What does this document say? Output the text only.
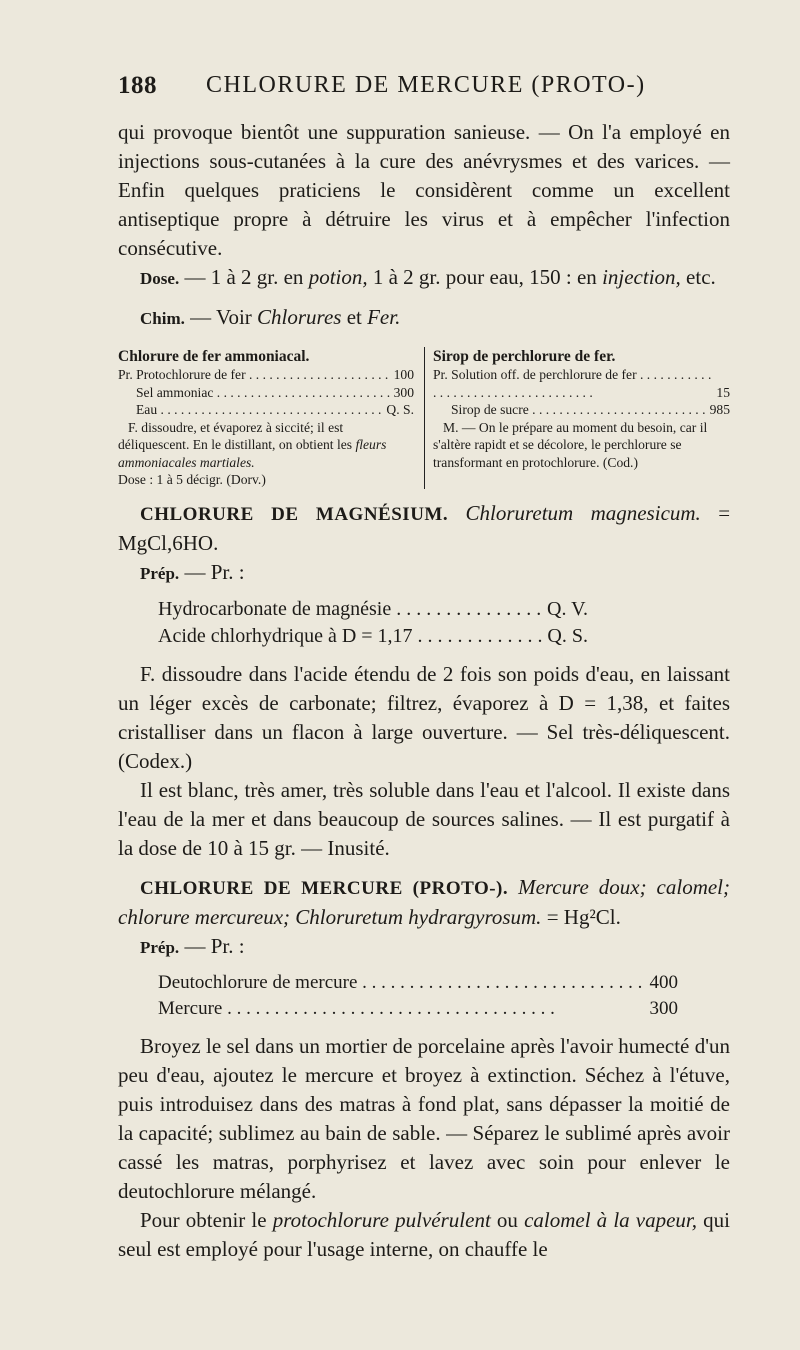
188 CHLORURE DE MERCURE (PROTO-)

qui provoque bientôt une suppuration sanieuse. — On l'a employé en injections sous-cutanées à la cure des anévrysmes et des varices. — Enfin quelques praticiens le considèrent comme un excellent antiseptique propre à détruire les virus et à empêcher l'infection consécutive.

Dose. — 1 à 2 gr. en potion, 1 à 2 gr. pour eau, 150 : en injection, etc.

Chim. — Voir Chlorures et Fer.

Chlorure de fer ammoniacal.
Pr. Protochlorure de fer . . .	100
Sel ammoniac . . .	300
Eau . . .	Q. S.
F. dissoudre, et évaporez à siccité; il est déliquescent. En le distillant, on obtient les fleurs ammoniacales martiales.
Dose : 1 à 5 décigr. (Dorv.)
Sirop de perchlorure de fer.
Pr. Solution off. de perchlorure de fer . . .
15
Sirop de sucre . . .	985
M. — On le prépare au moment du besoin, car il s'altère rapidt et se décolore, le perchlorure se transformant en protochlorure. (Cod.)

CHLORURE DE MAGNÉSIUM. Chloruretum magnesicum. = MgCl,6HO.

Prép. — Pr. :

Hydrocarbonate de magnésie . . .	Q. V.
Acide chlorhydrique à D = 1,17 . . .	Q. S.

F. dissoudre dans l'acide étendu de 2 fois son poids d'eau, en laissant un léger excès de carbonate; filtrez, évaporez à D = 1,38, et faites cristalliser dans un flacon à large ouverture. — Sel très-déliquescent. (Codex.)

Il est blanc, très amer, très soluble dans l'eau et l'alcool. Il existe dans l'eau de la mer et dans beaucoup de sources salines. — Il est purgatif à la dose de 10 à 15 gr. — Inusité.

CHLORURE DE MERCURE (PROTO-). Mercure doux; calomel; chlorure mercureux; Chloruretum hydrargyrosum. = Hg²Cl.

Prép. — Pr. :

Deutochlorure de mercure . . .	400
Mercure . . .	300

Broyez le sel dans un mortier de porcelaine après l'avoir humecté d'un peu d'eau, ajoutez le mercure et broyez à extinction. Séchez à l'étuve, puis introduisez dans des matras à fond plat, sans dépasser la moitié de la capacité; sublimez au bain de sable. — Séparez le sublimé après avoir cassé les matras, porphyrisez et lavez avec soin pour enlever le deutochlorure mélangé.

Pour obtenir le protochlorure pulvérulent ou calomel à la vapeur, qui seul est employé pour l'usage interne, on chauffe le
